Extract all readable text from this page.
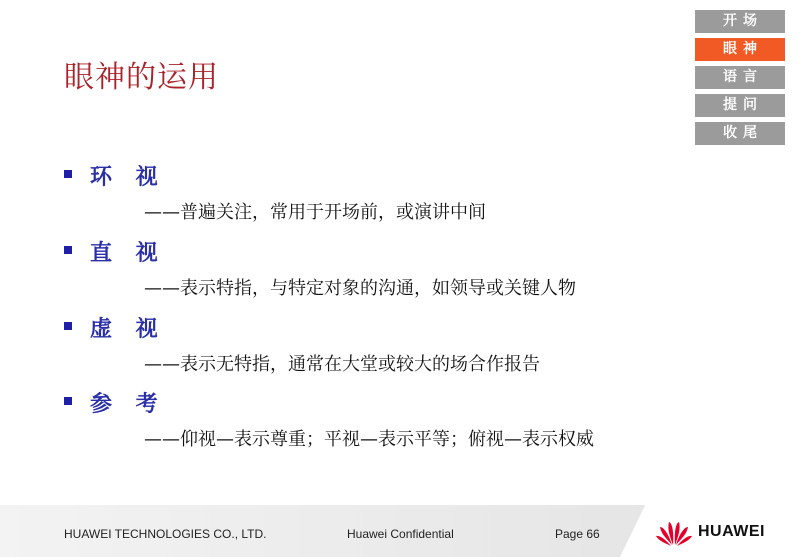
眼神的运用
开场
眼神
语言
提问
收尾
环 视
——普遍关注，常用于开场前，或演讲中间
直 视
——表示特指，与特定对象的沟通，如领导或关键人物
虚 视
——表示无特指，通常在大堂或较大的场合作报告
参 考
——仰视—表示尊重；平视—表示平等；俯视—表示权威
HUAWEI TECHNOLOGIES CO., LTD.	Huawei Confidential	Page 66	HUAWEI
